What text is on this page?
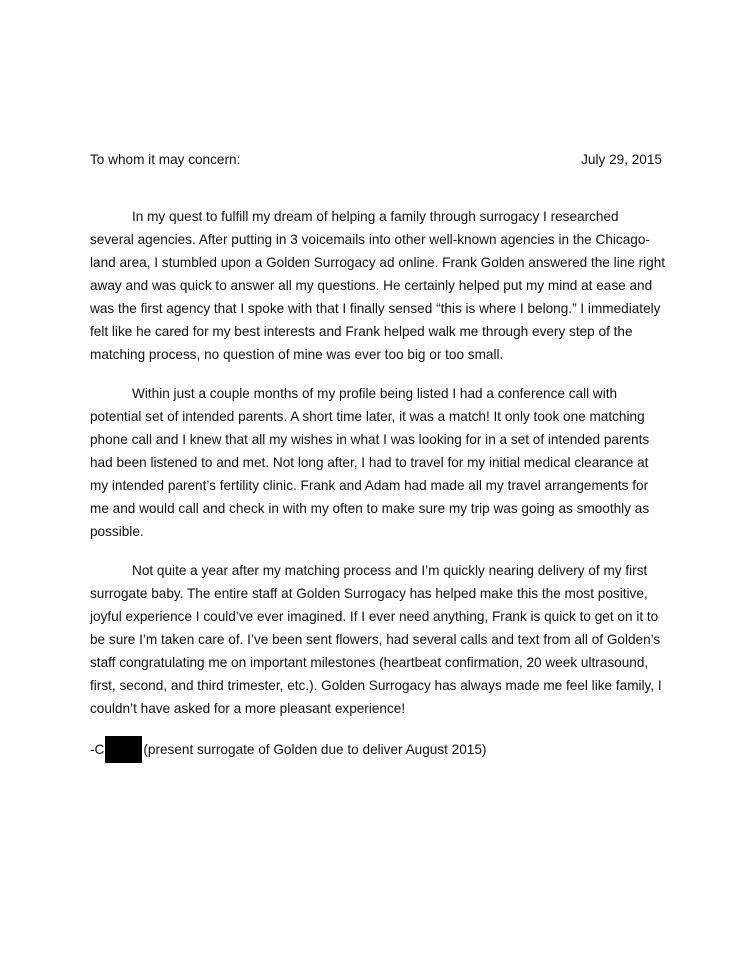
To whom it may concern:	July 29, 2015
In my quest to fulfill my dream of helping a family through surrogacy I researched
several agencies. After putting in 3 voicemails into other well-known agencies in the Chicago-
land area, I stumbled upon a Golden Surrogacy ad online. Frank Golden answered the line right
away and was quick to answer all my questions. He certainly helped put my mind at ease and
was the first agency that I spoke with that I finally sensed “this is where I belong.” I immediately
felt like he cared for my best interests and Frank helped walk me through every step of the
matching process, no question of mine was ever too big or too small.
Within just a couple months of my profile being listed I had a conference call with
potential set of intended parents. A short time later, it was a match! It only took one matching
phone call and I knew that all my wishes in what I was looking for in a set of intended parents
had been listened to and met. Not long after, I had to travel for my initial medical clearance at
my intended parent’s fertility clinic. Frank and Adam had made all my travel arrangements for
me and would call and check in with my often to make sure my trip was going as smoothly as
possible.
Not quite a year after my matching process and I’m quickly nearing delivery of my first
surrogate baby. The entire staff at Golden Surrogacy has helped make this the most positive,
joyful experience I could’ve ever imagined. If I ever need anything, Frank is quick to get on it to
be sure I’m taken care of. I’ve been sent flowers, had several calls and text from all of Golden’s
staff congratulating me on important milestones (heartbeat confirmation, 20 week ultrasound,
first, second, and third trimester, etc.). Golden Surrogacy has always made me feel like family, I
couldn’t have asked for a more pleasant experience!
-C	(present surrogate of Golden due to deliver August 2015)
